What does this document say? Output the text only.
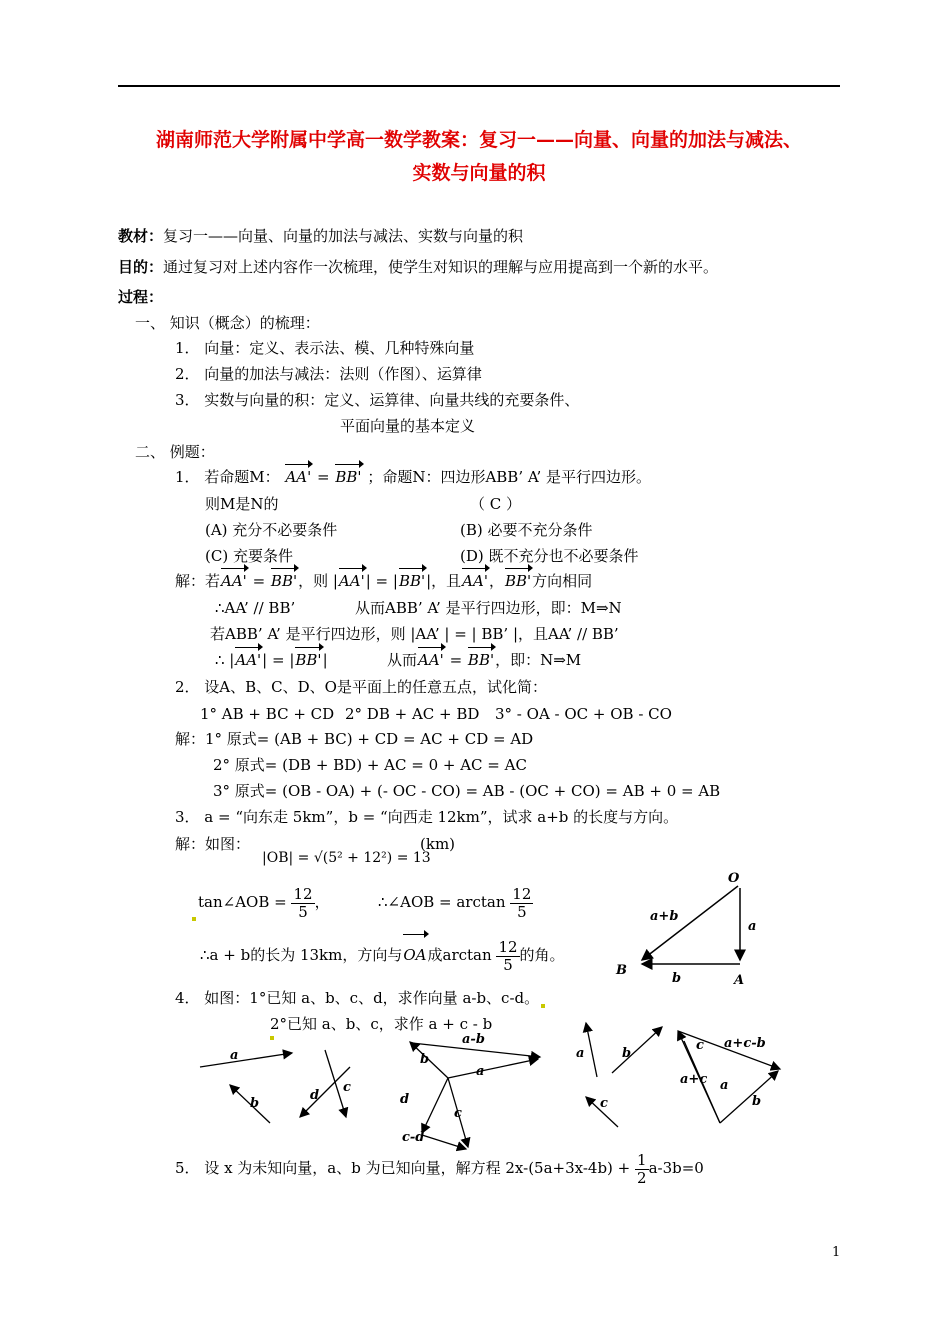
湖南师范大学附属中学高一数学教案：复习一——向量、向量的加法与减法、
实数与向量的积
教材：复习一——向量、向量的加法与减法、实数与向量的积
目的：通过复习对上述内容作一次梳理，使学生对知识的理解与应用提高到一个新的水平。
过程：
一、 知识（概念）的梳理：
1． 向量：定义、表示法、模、几种特殊向量
2． 向量的加法与减法：法则（作图）、运算律
3． 实数与向量的积：定义、运算律、向量共线的充要条件、
平面向量的基本定义
二、 例题：
1． 若命题M： AA' = BB' ；命题N：四边形ABB’ A’ 是平行四边形。
则M是N的	（ C ）
(A) 充分不必要条件	(B) 必要不充分条件
(C) 充要条件	(D) 既不充分也不必要条件
解：若AA' = BB'，则 |AA'| = |BB'|，且AA'，BB'方向相同
∴AA’ // BB’	从而ABB’ A’ 是平行四边形，即：M⇒N
若ABB’ A’ 是平行四边形，则 |AA’ | = | BB’ |，且AA’ // BB’
∴ |AA'| = |BB'|	从而AA' = BB'，即：N⇒M
2． 设A、B、C、D、O是平面上的任意五点，试化简：
1° AB + BC + CD 2° DB + AC + BD 3° - OA - OC + OB - CO
解：1° 原式= (AB + BC) + CD = AC + CD = AD
2° 原式= (DB + BD) + AC = 0 + AC = AC
3° 原式= (OB - OA) + (- OC - CO) = AB - (OC + CO) = AB + 0 = AB
3． a = “向东走 5km”，b = “向西走 12km”，试求 a+b 的长度与方向。
解：如图：
|OB| = √(5² + 12²) = 13
(km)
tan∠AOB = $\frac{12}{5}$ ，	∴∠AOB = $\arctan \frac{12}{5}$
∴a + b的长为 13km，方向与OA成$\arctan \frac{12}{5}$ 的角。
O
A
B
a
b
a+b
4． 如图：1°已知 a、b、c、d，求作向量 a-b、c-d。
2°已知 a、b、c，求作 a + c - b
a
b
c
d
a-b
b
a
c
d
c-d
a	b
c
a+c
b
a
a+c-b
c
5． 设 x 为未知向量，a、b 为已知向量，解方程 $2x-(5a+3x-4b) + \frac{1}{2} a-3b=0$
1
